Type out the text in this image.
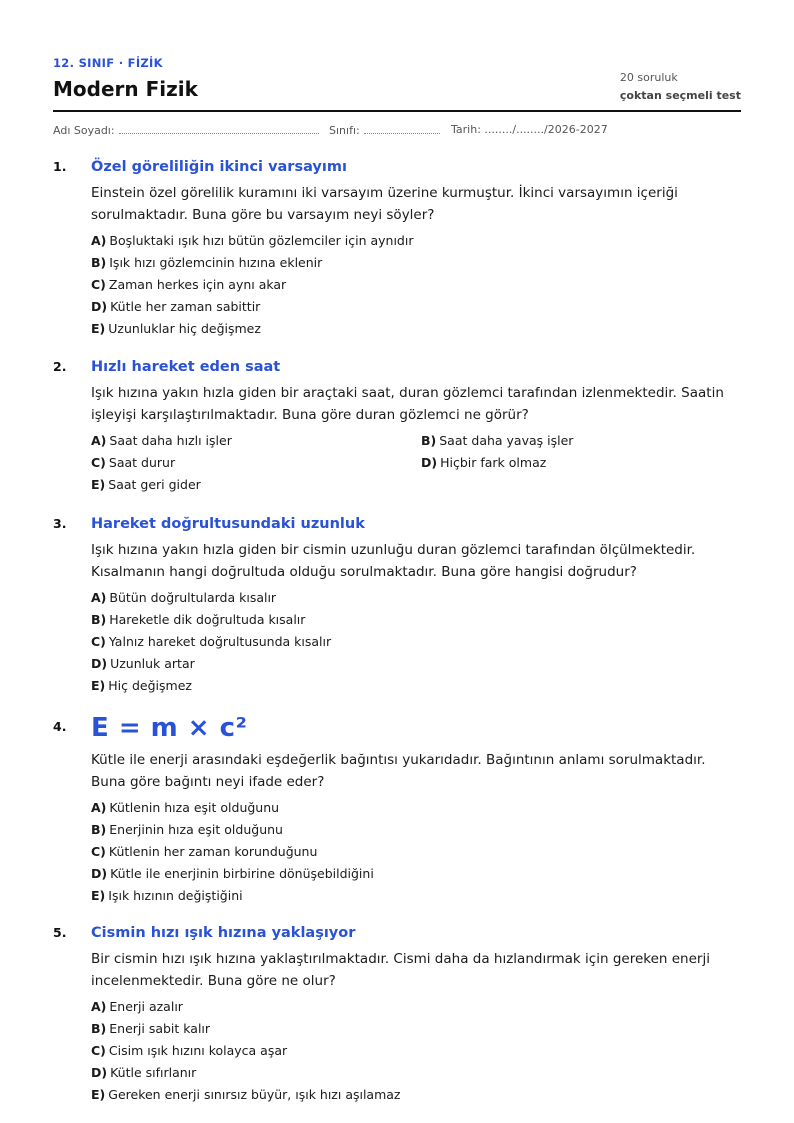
12. SINIF · FİZİK
Modern Fizik	20 soruluk
çoktan seçmeli test
Adı Soyadı:	Sınıfı:	Tarih: ......../......../2026-2027
1. Özel göreliliğin ikinci varsayımı
Einstein özel görelilik kuramını iki varsayım üzerine kurmuştur. İkinci varsayımın içeriği sorulmaktadır. Buna göre bu varsayım neyi söyler?
A) Boşluktaki ışık hızı bütün gözlemciler için aynıdır
B) Işık hızı gözlemcinin hızına eklenir
C) Zaman herkes için aynı akar
D) Kütle her zaman sabittir
E) Uzunluklar hiç değişmez
2. Hızlı hareket eden saat
Işık hızına yakın hızla giden bir araçtaki saat, duran gözlemci tarafından izlenmektedir. Saatin işleyişi karşılaştırılmaktadır. Buna göre duran gözlemci ne görür?
A) Saat daha hızlı işler	B) Saat daha yavaş işler
C) Saat durur	D) Hiçbir fark olmaz
E) Saat geri gider
3. Hareket doğrultusundaki uzunluk
Işık hızına yakın hızla giden bir cismin uzunluğu duran gözlemci tarafından ölçülmektedir. Kısalmanın hangi doğrultuda olduğu sorulmaktadır. Buna göre hangisi doğrudur?
A) Bütün doğrultularda kısalır
B) Hareketle dik doğrultuda kısalır
C) Yalnız hareket doğrultusunda kısalır
D) Uzunluk artar
E) Hiç değişmez
4. E = m × c²
Kütle ile enerji arasındaki eşdeğerlik bağıntısı yukarıdadır. Bağıntının anlamı sorulmaktadır. Buna göre bağıntı neyi ifade eder?
A) Kütlenin hıza eşit olduğunu
B) Enerjinin hıza eşit olduğunu
C) Kütlenin her zaman korunduğunu
D) Kütle ile enerjinin birbirine dönüşebildiğini
E) Işık hızının değiştiğini
5. Cismin hızı ışık hızına yaklaşıyor
Bir cismin hızı ışık hızına yaklaştırılmaktadır. Cismi daha da hızlandırmak için gereken enerji incelenmektedir. Buna göre ne olur?
A) Enerji azalır
B) Enerji sabit kalır
C) Cisim ışık hızını kolayca aşar
D) Kütle sıfırlanır
E) Gereken enerji sınırsız büyür, ışık hızı aşılamaz
